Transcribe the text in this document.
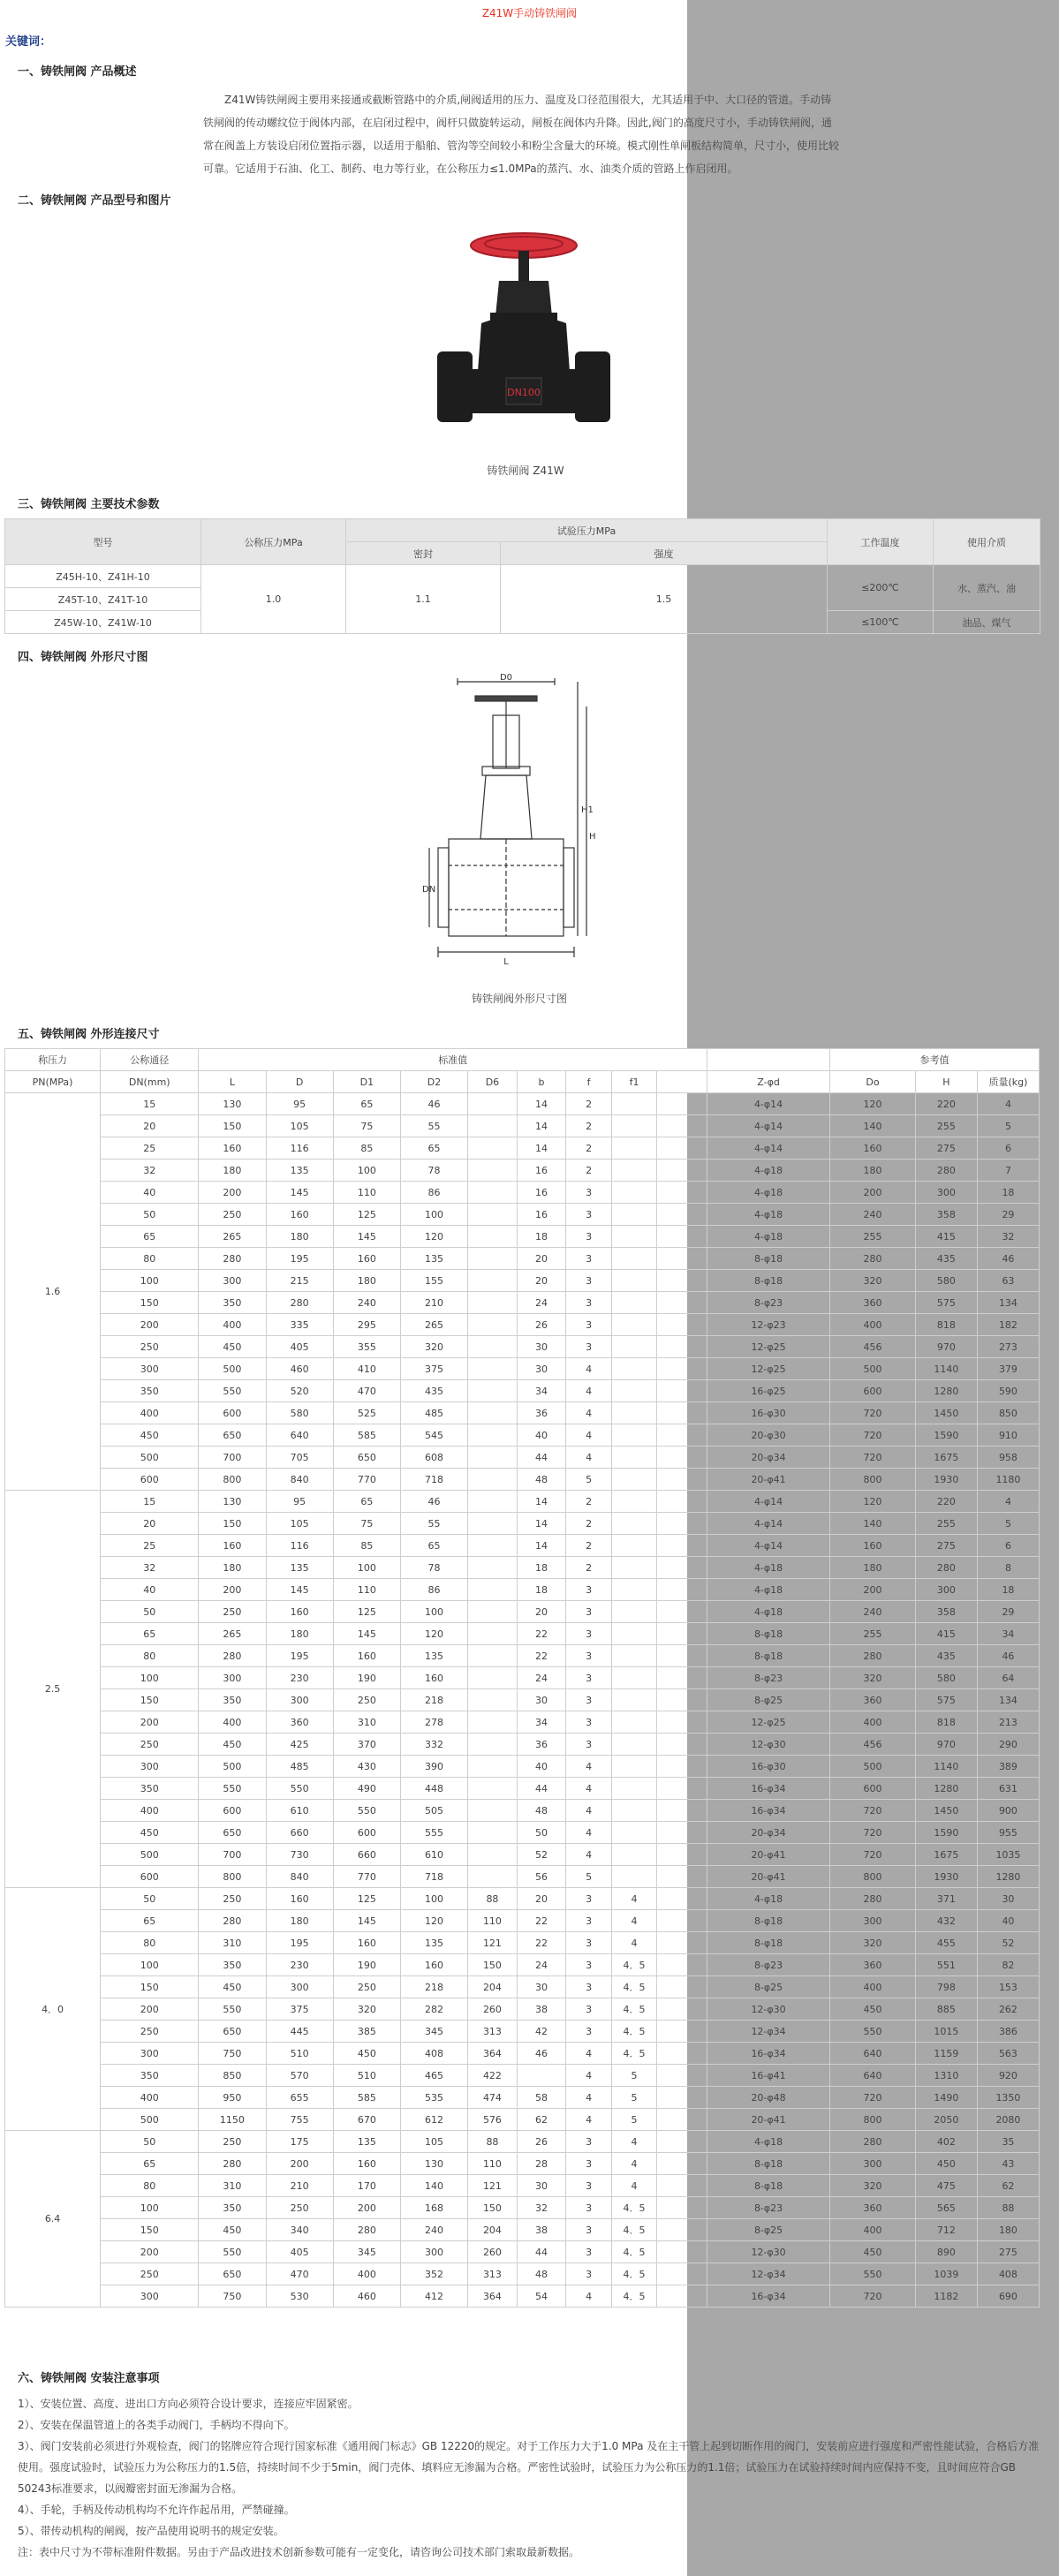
Z41W手动铸铁闸阀
关键词：
一、铸铁闸阀 产品概述
Z41W铸铁闸阀主要用来接通或截断管路中的介质,闸阀适用的压力、温度及口径范围很大，尤其适用于中、大口径的管道。手动铸铁闸阀的传动螺纹位于阀体内部，在启闭过程中，阀杆只做旋转运动，闸板在阀体内升降。因此,阀门的高度尺寸小，手动铸铁闸阀，通常在阀盖上方装设启闭位置指示器，以适用于船舶、管沟等空间较小和粉尘含量大的环境。模式刚性单闸板结构简单，尺寸小，使用比较可靠。它适用于石油、化工、制药、电力等行业，在公称压力≤1.0MPa的蒸汽、水、油类介质的管路上作启闭用。
二、铸铁闸阀 产品型号和图片
DN100
铸铁闸阀 Z41W
三、铸铁闸阀 主要技术参数
型号	公称压力MPa	试验压力MPa		工作温度	使用介质
		密封	强度		
Z45H-10、Z41H-10	1.0	1.1	1.5	≤200℃	水、蒸汽、油
Z45T-10、Z41T-10					
Z45W-10、Z41W-10				≤100℃	油品、煤气
四、铸铁闸阀 外形尺寸图
D0
H1
H
DN
L
铸铁闸阀外形尺寸图
五、铸铁闸阀 外形连接尺寸
称压力	公称通径	标准值										参考值		
PN(MPa)	DN(mm)	L	D	D1	D2	D6	b	f	f1		Z-φd	Do	H	质量(kg)
1.6	15	130	95	65	46		14	2			4-φ14	120	220	4
	20	150	105	75	55		14	2			4-φ14	140	255	5
	25	160	116	85	65		14	2			4-φ14	160	275	6
	32	180	135	100	78		16	2			4-φ18	180	280	7
	40	200	145	110	86		16	3			4-φ18	200	300	18
	50	250	160	125	100		16	3			4-φ18	240	358	29
	65	265	180	145	120		18	3			4-φ18	255	415	32
	80	280	195	160	135		20	3			8-φ18	280	435	46
	100	300	215	180	155		20	3			8-φ18	320	580	63
	150	350	280	240	210		24	3			8-φ23	360	575	134
	200	400	335	295	265		26	3			12-φ23	400	818	182
	250	450	405	355	320		30	3			12-φ25	456	970	273
	300	500	460	410	375		30	4			12-φ25	500	1140	379
	350	550	520	470	435		34	4			16-φ25	600	1280	590
	400	600	580	525	485		36	4			16-φ30	720	1450	850
	450	650	640	585	545		40	4			20-φ30	720	1590	910
	500	700	705	650	608		44	4			20-φ34	720	1675	958
	600	800	840	770	718		48	5			20-φ41	800	1930	1180
2.5	15	130	95	65	46		14	2			4-φ14	120	220	4
	20	150	105	75	55		14	2			4-φ14	140	255	5
	25	160	116	85	65		14	2			4-φ14	160	275	6
	32	180	135	100	78		18	2			4-φ18	180	280	8
	40	200	145	110	86		18	3			4-φ18	200	300	18
	50	250	160	125	100		20	3			4-φ18	240	358	29
	65	265	180	145	120		22	3			8-φ18	255	415	34
	80	280	195	160	135		22	3			8-φ18	280	435	46
	100	300	230	190	160		24	3			8-φ23	320	580	64
	150	350	300	250	218		30	3			8-φ25	360	575	134
	200	400	360	310	278		34	3			12-φ25	400	818	213
	250	450	425	370	332		36	3			12-φ30	456	970	290
	300	500	485	430	390		40	4			16-φ30	500	1140	389
	350	550	550	490	448		44	4			16-φ34	600	1280	631
	400	600	610	550	505		48	4			16-φ34	720	1450	900
	450	650	660	600	555		50	4			20-φ34	720	1590	955
	500	700	730	660	610		52	4			20-φ41	720	1675	1035
	600	800	840	770	718		56	5			20-φ41	800	1930	1280
4．0	50	250	160	125	100	88	20	3	4		4-φ18	280	371	30
	65	280	180	145	120	110	22	3	4		8-φ18	300	432	40
	80	310	195	160	135	121	22	3	4		8-φ18	320	455	52
	100	350	230	190	160	150	24	3	4．5		8-φ23	360	551	82
	150	450	300	250	218	204	30	3	4．5		8-φ25	400	798	153
	200	550	375	320	282	260	38	3	4．5		12-φ30	450	885	262
	250	650	445	385	345	313	42	3	4．5		12-φ34	550	1015	386
	300	750	510	450	408	364	46	4	4．5		16-φ34	640	1159	563
	350	850	570	510	465	422		4	5		16-φ41	640	1310	920
	400	950	655	585	535	474	58	4	5		20-φ48	720	1490	1350
	500	1150	755	670	612	576	62	4	5		20-φ41	800	2050	2080
6.4	50	250	175	135	105	88	26	3	4		4-φ18	280	402	35
	65	280	200	160	130	110	28	3	4		8-φ18	300	450	43
	80	310	210	170	140	121	30	3	4		8-φ18	320	475	62
	100	350	250	200	168	150	32	3	4．5		8-φ23	360	565	88
	150	450	340	280	240	204	38	3	4．5		8-φ25	400	712	180
	200	550	405	345	300	260	44	3	4．5		12-φ30	450	890	275
	250	650	470	400	352	313	48	3	4．5		12-φ34	550	1039	408
	300	750	530	460	412	364	54	4	4．5		16-φ34	720	1182	690
六、铸铁闸阀 安装注意事项
1）、安装位置、高度、进出口方向必须符合设计要求，连接应牢固紧密。
2）、安装在保温管道上的各类手动阀门，手柄均不得向下。
3）、阀门安装前必须进行外观检查，阀门的铭牌应符合现行国家标准《通用阀门标志》GB 12220的规定。对于工作压力大于1.0 MPa 及在主干管上起到切断作用的阀门，安装前应进行强度和严密性能试验，合格后方准使用。强度试验时，试验压力为公称压力的1.5倍，持续时间不少于5min，阀门壳体、填料应无渗漏为合格。严密性试验时，试验压力为公称压力的1.1倍；试验压力在试验持续时间内应保持不变，且时间应符合GB 50243标准要求，以阀瓣密封面无渗漏为合格。
4）、手轮，手柄及传动机构均不允许作起吊用，严禁碰撞。
5）、带传动机构的闸阀，按产品使用说明书的规定安装。
注：表中尺寸为不带标准附件数据。另由于产品改进技术创新参数可能有一定变化，请咨询公司技术部门索取最新数据。
